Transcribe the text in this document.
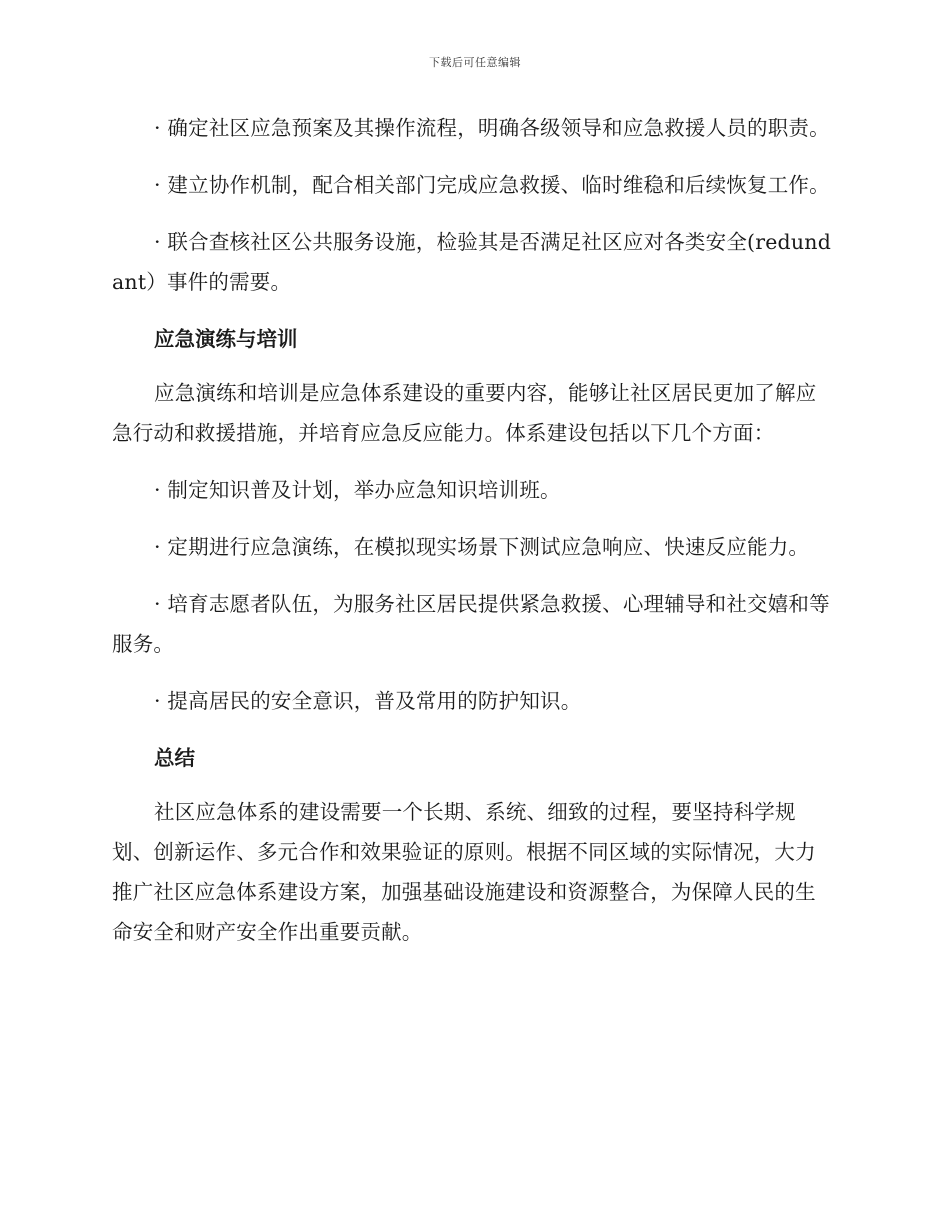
下载后可任意编辑

· 确定社区应急预案及其操作流程，明确各级领导和应急救援人员的职责。

· 建立协作机制，配合相关部门完成应急救援、临时维稳和后续恢复工作。

· 联合查核社区公共服务设施，检验其是否满足社区应对各类安全(redundant）事件的需要。

应急演练与培训

应急演练和培训是应急体系建设的重要内容，能够让社区居民更加了解应急行动和救援措施，并培育应急反应能力。体系建设包括以下几个方面：

· 制定知识普及计划，举办应急知识培训班。

· 定期进行应急演练，在模拟现实场景下测试应急响应、快速反应能力。

· 培育志愿者队伍，为服务社区居民提供紧急救援、心理辅导和社交嬉和等服务。

· 提高居民的安全意识，普及常用的防护知识。

总结

社区应急体系的建设需要一个长期、系统、细致的过程，要坚持科学规划、创新运作、多元合作和效果验证的原则。根据不同区域的实际情况，大力推广社区应急体系建设方案，加强基础设施建设和资源整合，为保障人民的生命安全和财产安全作出重要贡献。
